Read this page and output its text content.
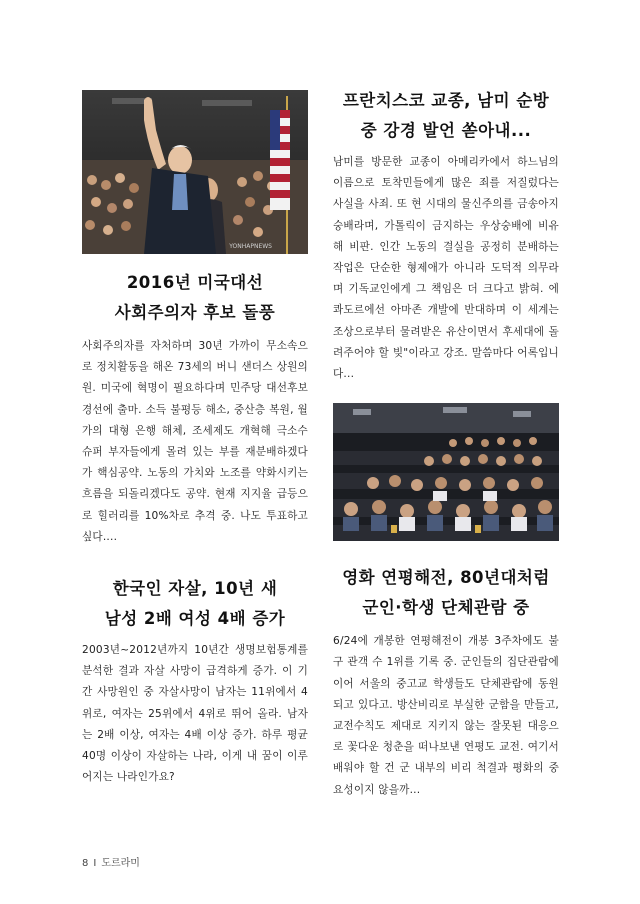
YONHAPNEWS
2016년 미국대선
사회주의자 후보 돌풍
사회주의자를 자처하며 30년 가까이 무소속으로 정치활동을 해온 73세의 버니 샌더스 상원의원. 미국에 혁명이 필요하다며 민주당 대선후보 경선에 출마. 소득 불평등 해소, 중산층 복원, 월가의 대형 은행 해체, 조세제도 개혁해 극소수 슈퍼 부자들에게 몰려 있는 부를 재분배하겠다가 핵심공약. 노동의 가치와 노조를 약화시키는 흐름을 되돌리겠다도 공약. 현재 지지율 급등으로 힐러리를 10%차로 추격 중. 나도 투표하고 싶다....
한국인 자살, 10년 새
남성 2배 여성 4배 증가
2003년~2012년까지 10년간 생명보험통계를 분석한 결과 자살 사망이 급격하게 증가. 이 기간 사망원인 중 자살사망이 남자는 11위에서 4위로, 여자는 25위에서 4위로 뛰어 올라. 남자는 2배 이상, 여자는 4배 이상 증가. 하루 평균 40명 이상이 자살하는 나라, 이게 내 꿈이 이루어지는 나라인가요?
프란치스코 교종, 남미 순방
중 강경 발언 쏟아내...
남미를 방문한 교종이 아메리카에서 하느님의 이름으로 토착민들에게 많은 죄를 저질렀다는 사실을 사죄. 또 현 시대의 물신주의를 금송아지 숭배라며, 가톨릭이 금지하는 우상숭배에 비유해 비판. 인간 노동의 결실을 공정히 분배하는 작업은 단순한 형제애가 아니라 도덕적 의무라며 기독교인에게 그 책임은 더 크다고 밝혀. 에콰도르에선 아마존 개발에 반대하며 이 세계는 조상으로부터 물려받은 유산이면서 후세대에 돌려주어야 할 빚"이라고 강조. 말씀마다 어록입니다...
영화 연평해전, 80년대처럼
군인·학생 단체관람 중
6/24에 개봉한 연평해전이 개봉 3주차에도 불구 관객 수 1위를 기록 중. 군인들의 집단관람에 이어 서울의 중고교 학생들도 단체관람에 동원되고 있다고. 방산비리로 부실한 군함을 만들고, 교전수칙도 제대로 지키지 않는 잘못된 대응으로 꽃다운 청춘을 떠나보낸 연평도 교전. 여기서 배워야 할 건 군 내부의 비리 척결과 평화의 중요성이지 않을까...
8 I 도르라미
